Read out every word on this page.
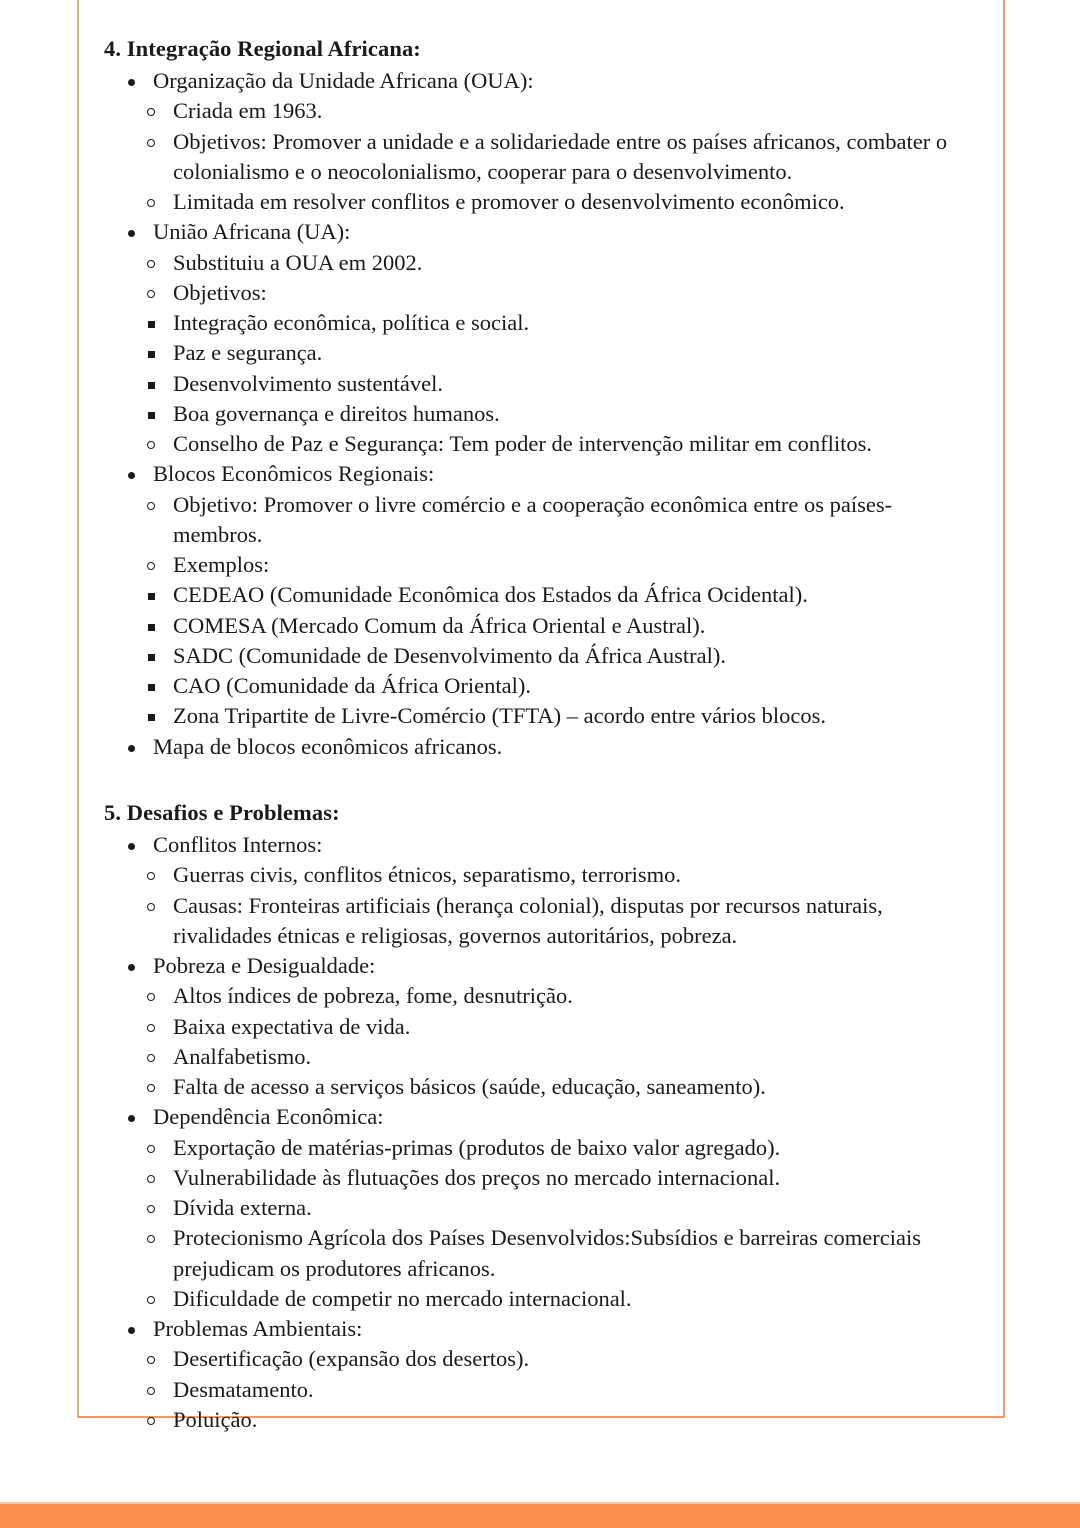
4. Integração Regional Africana:
Organização da Unidade Africana (OUA):
Criada em 1963.
Objetivos: Promover a unidade e a solidariedade entre os países africanos, combater o colonialismo e o neocolonialismo, cooperar para o desenvolvimento.
Limitada em resolver conflitos e promover o desenvolvimento econômico.
União Africana (UA):
Substituiu a OUA em 2002.
Objetivos:
Integração econômica, política e social.
Paz e segurança.
Desenvolvimento sustentável.
Boa governança e direitos humanos.
Conselho de Paz e Segurança: Tem poder de intervenção militar em conflitos.
Blocos Econômicos Regionais:
Objetivo: Promover o livre comércio e a cooperação econômica entre os países-membros.
Exemplos:
CEDEAO (Comunidade Econômica dos Estados da África Ocidental).
COMESA (Mercado Comum da África Oriental e Austral).
SADC (Comunidade de Desenvolvimento da África Austral).
CAO (Comunidade da África Oriental).
Zona Tripartite de Livre-Comércio (TFTA) – acordo entre vários blocos.
Mapa de blocos econômicos africanos.
5. Desafios e Problemas:
Conflitos Internos:
Guerras civis, conflitos étnicos, separatismo, terrorismo.
Causas: Fronteiras artificiais (herança colonial), disputas por recursos naturais, rivalidades étnicas e religiosas, governos autoritários, pobreza.
Pobreza e Desigualdade:
Altos índices de pobreza, fome, desnutrição.
Baixa expectativa de vida.
Analfabetismo.
Falta de acesso a serviços básicos (saúde, educação, saneamento).
Dependência Econômica:
Exportação de matérias-primas (produtos de baixo valor agregado).
Vulnerabilidade às flutuações dos preços no mercado internacional.
Dívida externa.
Protecionismo Agrícola dos Países Desenvolvidos:Subsídios e barreiras comerciais prejudicam os produtores africanos.
Dificuldade de competir no mercado internacional.
Problemas Ambientais:
Desertificação (expansão dos desertos).
Desmatamento.
Poluição.
